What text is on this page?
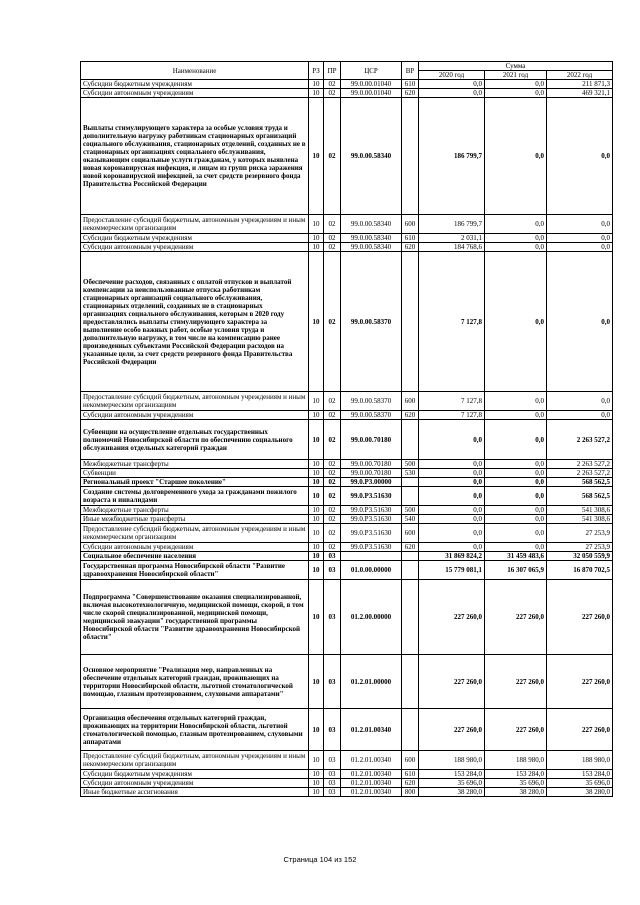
Наименование	РЗ	ПР	ЦСР	ВР	Сумма		
					2020 год	2021 год	2022 год
Субсидии бюджетным учреждениям	10	02	99.0.00.01040	610	0,0	0,0	211 871,3
Субсидии автономным учреждениям	10	02	99.0.00.01040	620	0,0	0,0	469 321,1
Выплаты стимулирующего характера за особые условия труда и дополнительную нагрузку работникам стационарных организаций социального обслуживания, стационарных отделений, созданных не в стационарных организациях социального обслуживания, оказывающим социальные услуги гражданам, у которых выявлена новая коронавирусная инфекция, и лицам из групп риска заражения новой коронавирусной инфекцией, за счет средств резервного фонда Правительства Российской Федерации	10	02	99.0.00.58340		186 799,7	0,0	0,0
Предоставление субсидий бюджетным, автономным учреждениям и иным некоммерческим организациям	10	02	99.0.00.58340	600	186 799,7	0,0	0,0
Субсидии бюджетным учреждениям	10	02	99.0.00.58340	610	2 031,1	0,0	0,0
Субсидии автономным учреждениям	10	02	99.0.00.58340	620	184 768,6	0,0	0,0
Обеспечение расходов, связанных с оплатой отпусков и выплатой компенсации за неиспользованные отпуска работникам стационарных организаций социального обслуживания, стационарных отделений, созданных не в стационарных организациях социального обслуживания, которым в 2020 году предоставлялись выплаты стимулирующего характера за выполнение особо важных работ, особые условия труда и дополнительную нагрузку, в том числе на компенсацию ранее произведенных субъектами Российской Федерации расходов на указанные цели, за счет средств резервного фонда Правительства Российской Федерации	10	02	99.0.00.58370		7 127,8	0,0	0,0
Предоставление субсидий бюджетным, автономным учреждениям и иным некоммерческим организациям	10	02	99.0.00.58370	600	7 127,8	0,0	0,0
Субсидии автономным учреждениям	10	02	99.0.00.58370	620	7 127,8	0,0	0,0
Субвенции на осуществление отдельных государственных полномочий Новосибирской области по обеспечению социального обслуживания отдельных категорий граждан	10	02	99.0.00.70180		0,0	0,0	2 263 527,2
Межбюджетные трансферты	10	02	99.0.00.70180	500	0,0	0,0	2 263 527,2
Субвенции	10	02	99.0.00.70180	530	0,0	0,0	2 263 527,2
Региональный проект "Старшее поколение"	10	02	99.0.P3.00000		0,0	0,0	568 562,5
Создание системы долговременного ухода за гражданами пожилого возраста и инвалидами	10	02	99.0.P3.51630		0,0	0,0	568 562,5
Межбюджетные трансферты	10	02	99.0.P3.51630	500	0,0	0,0	541 308,6
Иные межбюджетные трансферты	10	02	99.0.P3.51630	540	0,0	0,0	541 308,6
Предоставление субсидий бюджетным, автономным учреждениям и иным некоммерческим организациям	10	02	99.0.P3.51630	600	0,0	0,0	27 253,9
Субсидии автономным учреждениям	10	02	99.0.P3.51630	620	0,0	0,0	27 253,9
Социальное обеспечение населения	10	03			31 869 824,2	31 459 483,6	32 050 559,9
Государственная программа Новосибирской области "Развитие здравоохранения Новосибирской области"	10	03	01.0.00.00000		15 779 081,1	16 307 065,9	16 870 702,5
Подпрограмма "Совершенствование оказания специализированной, включая высокотехнологичную, медицинской помощи, скорой, в том числе скорой специализированной, медицинской помощи, медицинской эвакуации" государственной программы Новосибирской области "Развитие здравоохранения Новосибирской области"	10	03	01.2.00.00000		227 260,0	227 260,0	227 260,0
Основное мероприятие "Реализация мер, направленных на обеспечение отдельных категорий граждан, проживающих на территории Новосибирской области, льготной стоматологической помощью, глазным протезированием, слуховыми аппаратами"	10	03	01.2.01.00000		227 260,0	227 260,0	227 260,0
Организация обеспечения отдельных категорий граждан, проживающих на территории Новосибирской области, льготной стоматологической помощью, глазным протезированием, слуховыми аппаратами	10	03	01.2.01.00340		227 260,0	227 260,0	227 260,0
Предоставление субсидий бюджетным, автономным учреждениям и иным некоммерческим организациям	10	03	01.2.01.00340	600	188 980,0	188 980,0	188 980,0
Субсидии бюджетным учреждениям	10	03	01.2.01.00340	610	153 284,0	153 284,0	153 284,0
Субсидии автономным учреждениям	10	03	01.2.01.00340	620	35 696,0	35 696,0	35 696,0
Иные бюджетные ассигнования	10	03	01.2.01.00340	800	38 280,0	38 280,0	38 280,0
Страница 104 из 152
